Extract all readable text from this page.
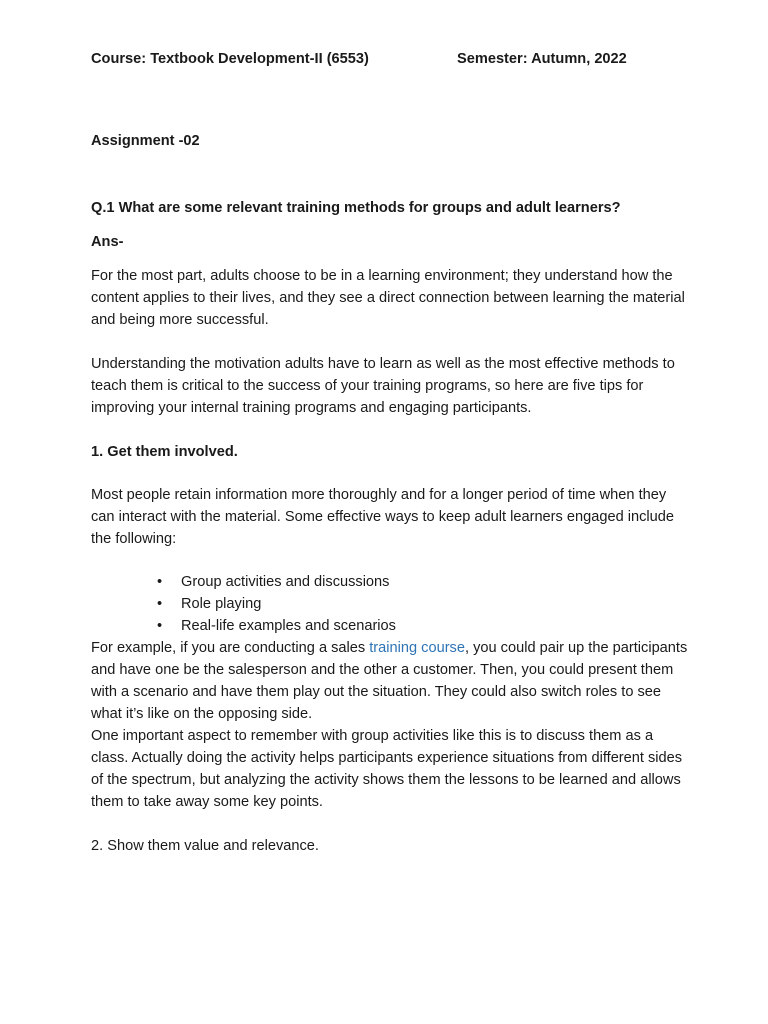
Course: Textbook Development-II (6553)	Semester: Autumn, 2022

Assignment -02

Q.1 What are some relevant training methods for groups and adult learners?

Ans-

For the most part, adults choose to be in a learning environment; they understand how the content applies to their lives, and they see a direct connection between learning the material and being more successful.

Understanding the motivation adults have to learn as well as the most effective methods to teach them is critical to the success of your training programs, so here are five tips for improving your internal training programs and engaging participants.

1. Get them involved.

Most people retain information more thoroughly and for a longer period of time when they can interact with the material. Some effective ways to keep adult learners engaged include the following:

• Group activities and discussions
• Role playing
• Real-life examples and scenarios

For example, if you are conducting a sales training course, you could pair up the participants and have one be the salesperson and the other a customer. Then, you could present them with a scenario and have them play out the situation. They could also switch roles to see what it’s like on the opposing side.

One important aspect to remember with group activities like this is to discuss them as a class. Actually doing the activity helps participants experience situations from different sides of the spectrum, but analyzing the activity shows them the lessons to be learned and allows them to take away some key points.

2. Show them value and relevance.
